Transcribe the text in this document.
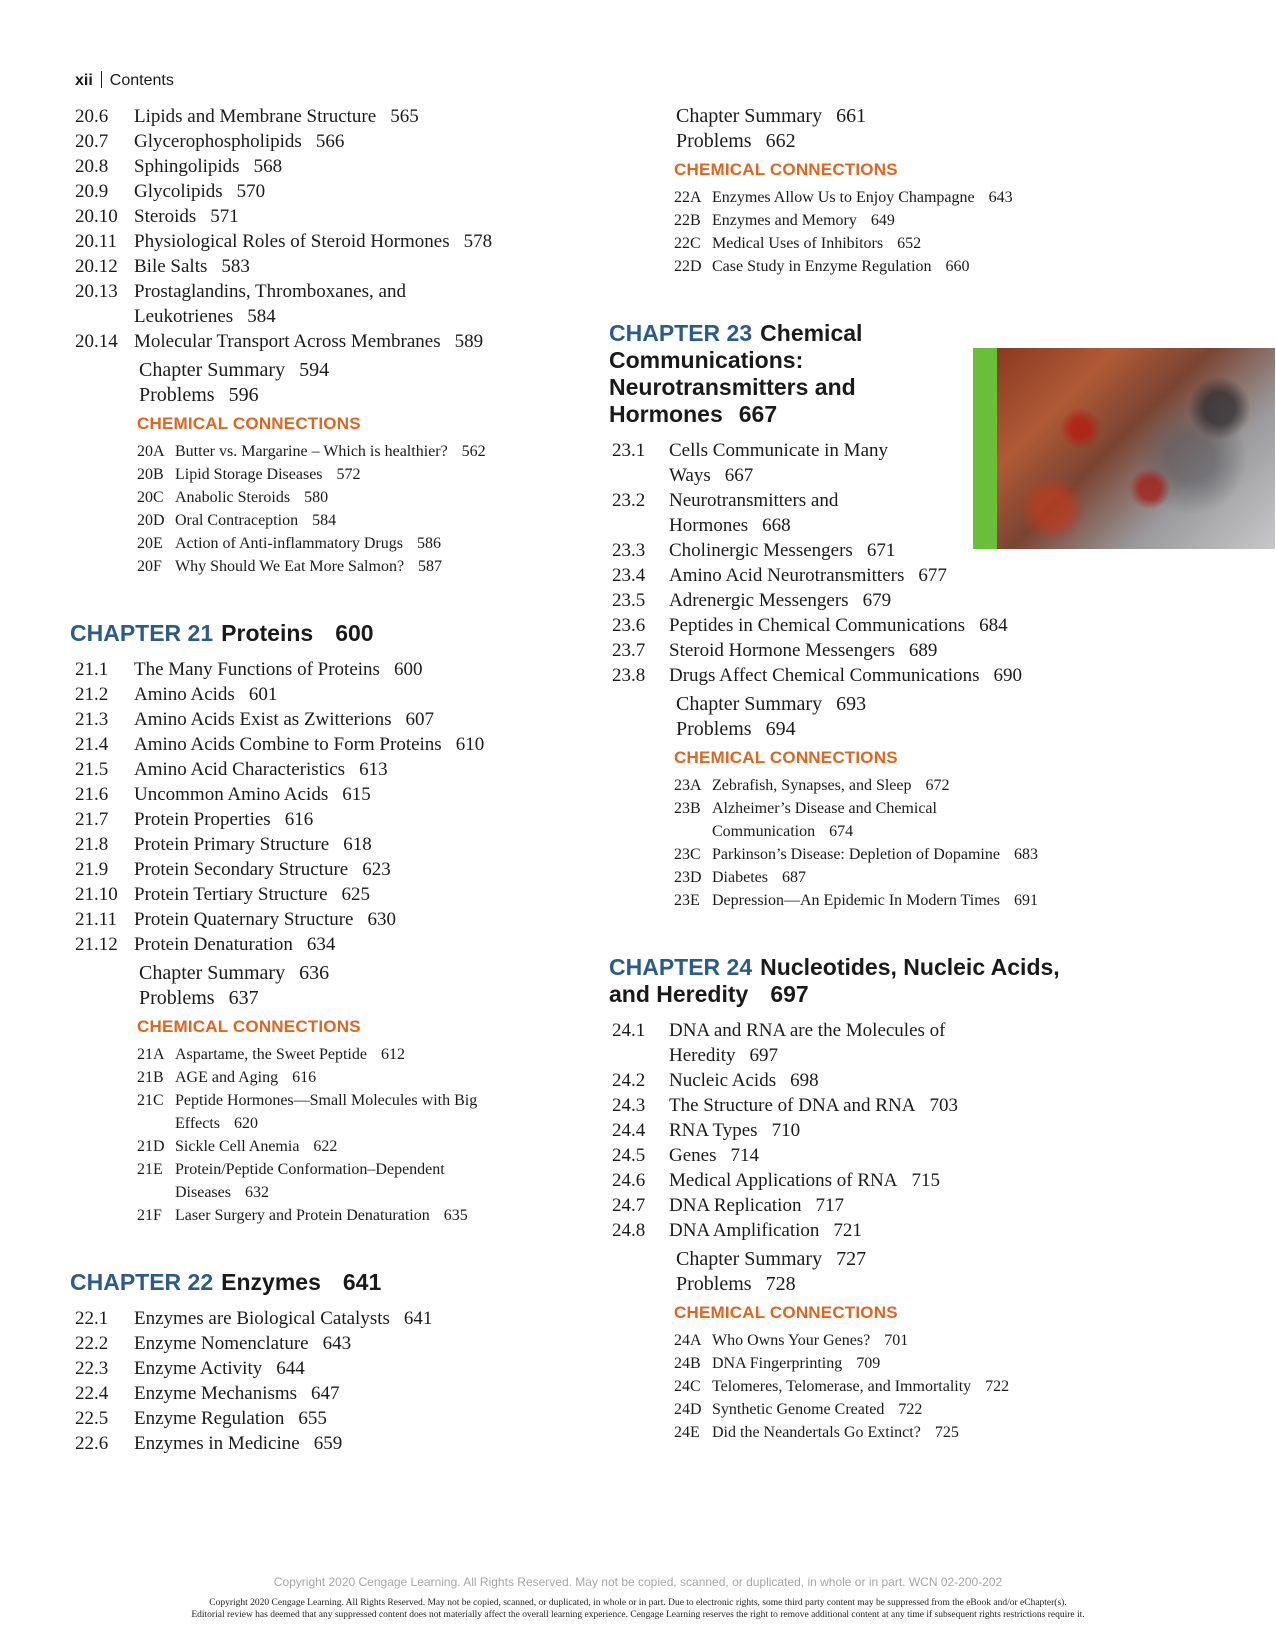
xii Contents
20.6	Lipids and Membrane Structure 565
20.7	Glycerophospholipids 566
20.8	Sphingolipids 568
20.9	Glycolipids 570
20.10 Steroids 571
20.11 Physiological Roles of Steroid Hormones 578
20.12 Bile Salts 583
20.13 Prostaglandins, Thromboxanes, and Leukotrienes 584
20.14 Molecular Transport Across Membranes 589
Chapter Summary 594
Problems 596
CHEMICAL CONNECTIONS
20A Butter vs. Margarine – Which is healthier? 562
20B Lipid Storage Diseases 572
20C Anabolic Steroids 580
20D Oral Contraception 584
20E Action of Anti-inflammatory Drugs 586
20F Why Should We Eat More Salmon? 587
CHAPTER 21 Proteins 600
21.1	The Many Functions of Proteins 600
21.2	Amino Acids 601
21.3	Amino Acids Exist as Zwitterions 607
21.4	Amino Acids Combine to Form Proteins 610
21.5	Amino Acid Characteristics 613
21.6	Uncommon Amino Acids 615
21.7	Protein Properties 616
21.8	Protein Primary Structure 618
21.9	Protein Secondary Structure 623
21.10 Protein Tertiary Structure 625
21.11 Protein Quaternary Structure 630
21.12 Protein Denaturation 634
Chapter Summary 636
Problems 637
CHEMICAL CONNECTIONS
21A Aspartame, the Sweet Peptide 612
21B AGE and Aging 616
21C Peptide Hormones—Small Molecules with Big Effects 620
21D Sickle Cell Anemia 622
21E Protein/Peptide Conformation–Dependent Diseases 632
21F Laser Surgery and Protein Denaturation 635
CHAPTER 22 Enzymes 641
22.1	Enzymes are Biological Catalysts 641
22.2	Enzyme Nomenclature 643
22.3	Enzyme Activity 644
22.4	Enzyme Mechanisms 647
22.5	Enzyme Regulation 655
22.6	Enzymes in Medicine 659
Chapter Summary 661
Problems 662
CHEMICAL CONNECTIONS
22A Enzymes Allow Us to Enjoy Champagne 643
22B Enzymes and Memory 649
22C Medical Uses of Inhibitors 652
22D Case Study in Enzyme Regulation 660
CHAPTER 23 Chemical Communications: Neurotransmitters and Hormones 667
23.1	Cells Communicate in Many Ways 667
23.2	Neurotransmitters and Hormones 668
23.3	Cholinergic Messengers 671
23.4	Amino Acid Neurotransmitters 677
23.5	Adrenergic Messengers 679
23.6	Peptides in Chemical Communications 684
23.7	Steroid Hormone Messengers 689
23.8	Drugs Affect Chemical Communications 690
Chapter Summary 693
Problems 694
CHEMICAL CONNECTIONS
23A Zebrafish, Synapses, and Sleep 672
23B Alzheimer’s Disease and Chemical Communication 674
23C Parkinson’s Disease: Depletion of Dopamine 683
23D Diabetes 687
23E Depression—An Epidemic In Modern Times 691
CHAPTER 24 Nucleotides, Nucleic Acids, and Heredity 697
24.1	DNA and RNA are the Molecules of Heredity 697
24.2	Nucleic Acids 698
24.3	The Structure of DNA and RNA 703
24.4	RNA Types 710
24.5	Genes 714
24.6	Medical Applications of RNA 715
24.7	DNA Replication 717
24.8	DNA Amplification 721
Chapter Summary 727
Problems 728
CHEMICAL CONNECTIONS
24A Who Owns Your Genes? 701
24B DNA Fingerprinting 709
24C Telomeres, Telomerase, and Immortality 722
24D Synthetic Genome Created 722
24E Did the Neandertals Go Extinct? 725
Copyright 2020 Cengage Learning. All Rights Reserved. May not be copied, scanned, or duplicated, in whole or in part. WCN 02-200-202
Copyright 2020 Cengage Learning. All Rights Reserved. May not be copied, scanned, or duplicated, in whole or in part. Due to electronic rights, some third party content may be suppressed from the eBook and/or eChapter(s).
Editorial review has deemed that any suppressed content does not materially affect the overall learning experience. Cengage Learning reserves the right to remove additional content at any time if subsequent rights restrictions require it.
